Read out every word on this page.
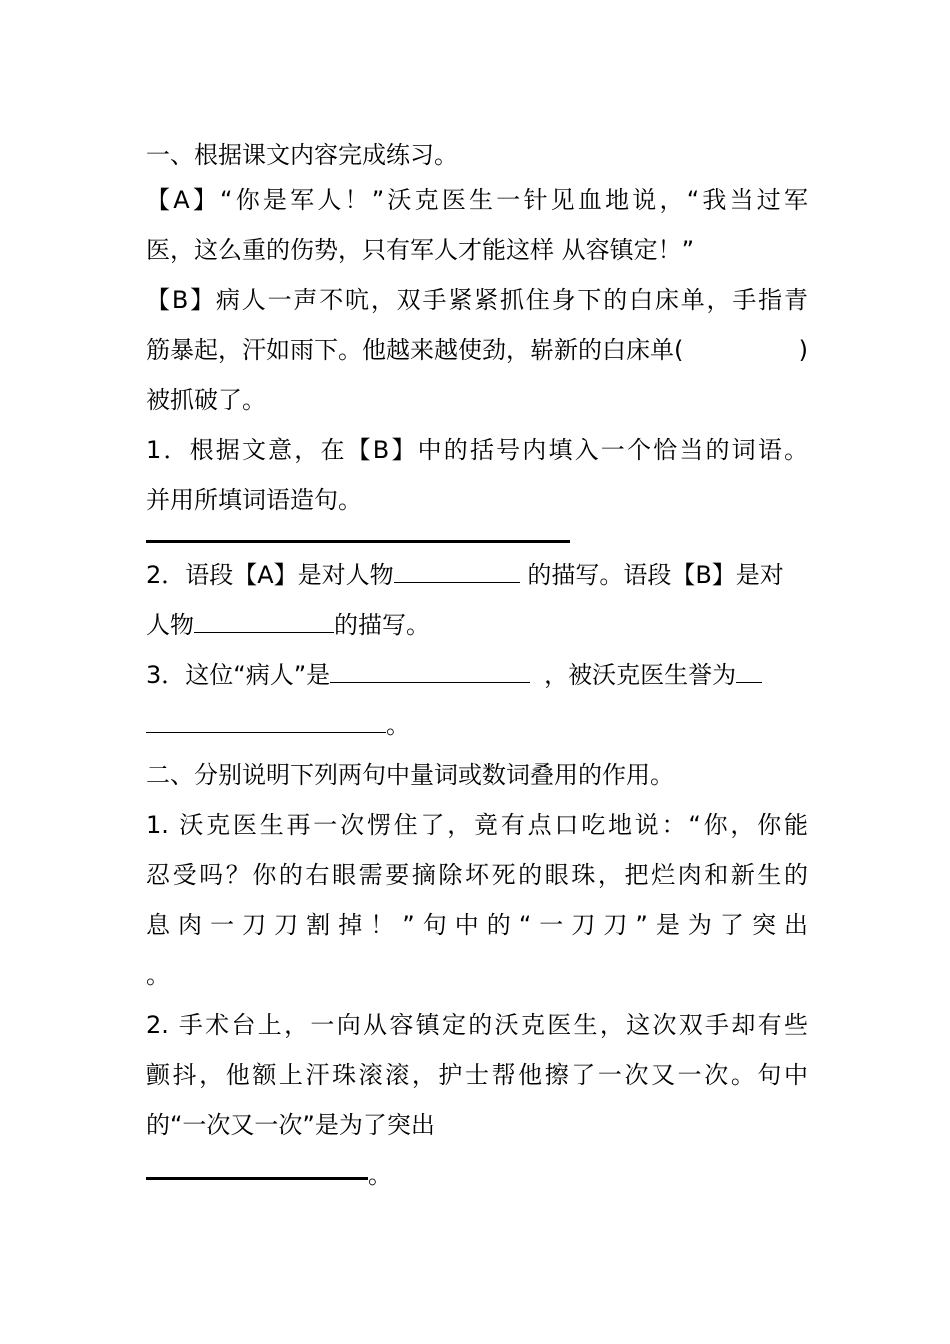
一、根据课文内容完成练习。
【A】“你是军人！”沃克医生一针见血地说，“我当过军
医，这么重的伤势，只有军人才能这样 从容镇定！”
【B】病人一声不吭，双手紧紧抓住身下的白床单，手指青
筋暴起，汗如雨下。他越来越使劲，崭新的白床单(	)
被抓破了。
1．根据文意，在【B】中的括号内填入一个恰当的词语。
并用所填词语造句。
2．语段【A】是对人物	的描写。语段【B】是对
人物	的描写。
3．这位“病人”是	，被沃克医生誉为
。
二、分别说明下列两句中量词或数词叠用的作用。
1. 沃克医生再一次愣住了，竟有点口吃地说：“你，你能
忍受吗？你的右眼需要摘除坏死的眼珠，把烂肉和新生的
息肉一刀刀割掉！”句中的“一刀刀”是为了突出
。
2. 手术台上，一向从容镇定的沃克医生，这次双手却有些
颤抖，他额上汗珠滚滚，护士帮他擦了一次又一次。句中
的“一次又一次”是为了突出
。
